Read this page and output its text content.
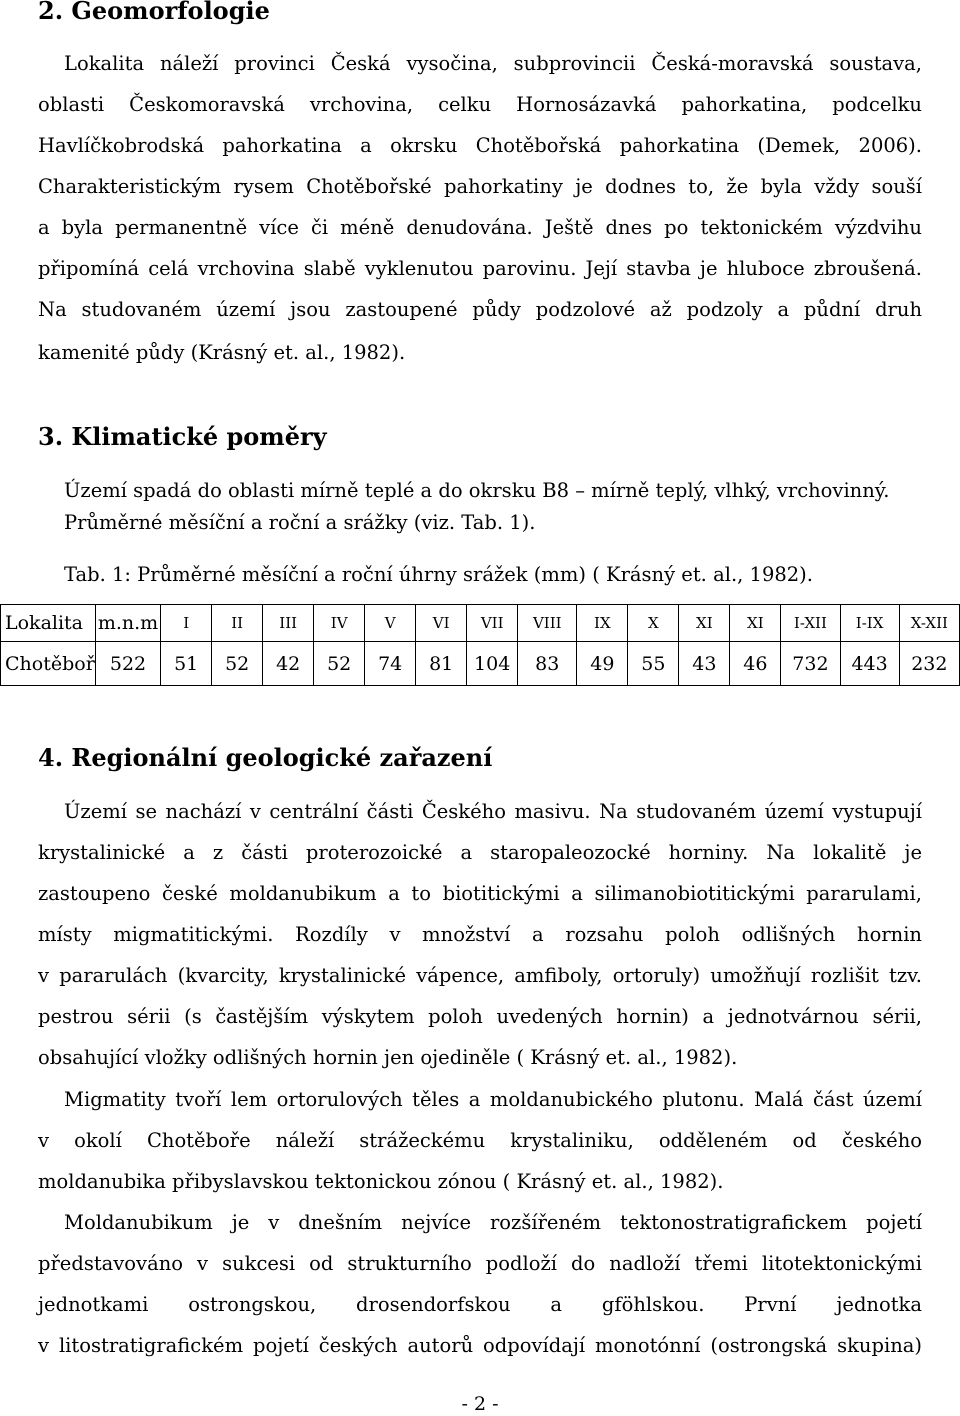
2. Geomorfologie
Lokalita náleží provinci Česká vysočina, subprovincii Česká-moravská soustava,
oblasti Českomoravská vrchovina, celku Hornosázavká pahorkatina, podcelku
Havlíčkobrodská pahorkatina a okrsku Chotěbořská pahorkatina (Demek, 2006).
Charakteristickým rysem Chotěbořské pahorkatiny je dodnes to, že byla vždy souší
a byla permanentně více či méně denudována. Ještě dnes po tektonickém výzdvihu
připomíná celá vrchovina slabě vyklenutou parovinu. Její stavba je hluboce zbroušená.
Na studovaném území jsou zastoupené půdy podzolové až podzoly a půdní druh
kamenité půdy (Krásný et. al., 1982).
3. Klimatické poměry
Území spadá do oblasti mírně teplé a do okrsku B8 – mírně teplý, vlhký, vrchovinný.
Průměrné měsíční a roční a srážky (viz. Tab. 1).
Tab. 1: Průměrné měsíční a roční úhrny srážek (mm) ( Krásný et. al., 1982).
Lokalita	m.n.m	I	II	III	IV	V	VI	VII	VIII	IX	X	XI	XI	I-XII	I-IX	X-XII
Chotěboř	522	51	52	42	52	74	81	104	83	49	55	43	46	732	443	232
4. Regionální geologické zařazení
Území se nachází v centrální části Českého masivu. Na studovaném území vystupují
krystalinické a z části proterozoické a staropaleozocké horniny. Na lokalitě je
zastoupeno české moldanubikum a to biotitickými a silimanobiotitickými pararulami,
místy migmatitickými. Rozdíly v množství a rozsahu poloh odlišných hornin
v pararulách (kvarcity, krystalinické vápence, amfiboly, ortoruly) umožňují rozlišit tzv.
pestrou sérii (s častějším výskytem poloh uvedených hornin) a jednotvárnou sérii,
obsahující vložky odlišných hornin jen ojediněle ( Krásný et. al., 1982).
Migmatity tvoří lem ortorulových těles a moldanubického plutonu. Malá část území
v okolí Chotěboře náleží strážeckému krystaliniku, odděleném od českého
moldanubika přibyslavskou tektonickou zónou ( Krásný et. al., 1982).
Moldanubikum je v dnešním nejvíce rozšířeném tektonostratigrafickem pojetí
představováno v sukcesi od strukturního podloží do nadloží třemi litotektonickými
jednotkami ostrongskou, drosendorfskou a gföhlskou. První jednotka
v litostratigrafickém pojetí českých autorů odpovídají monotónní (ostrongská skupina)
- 2 -
